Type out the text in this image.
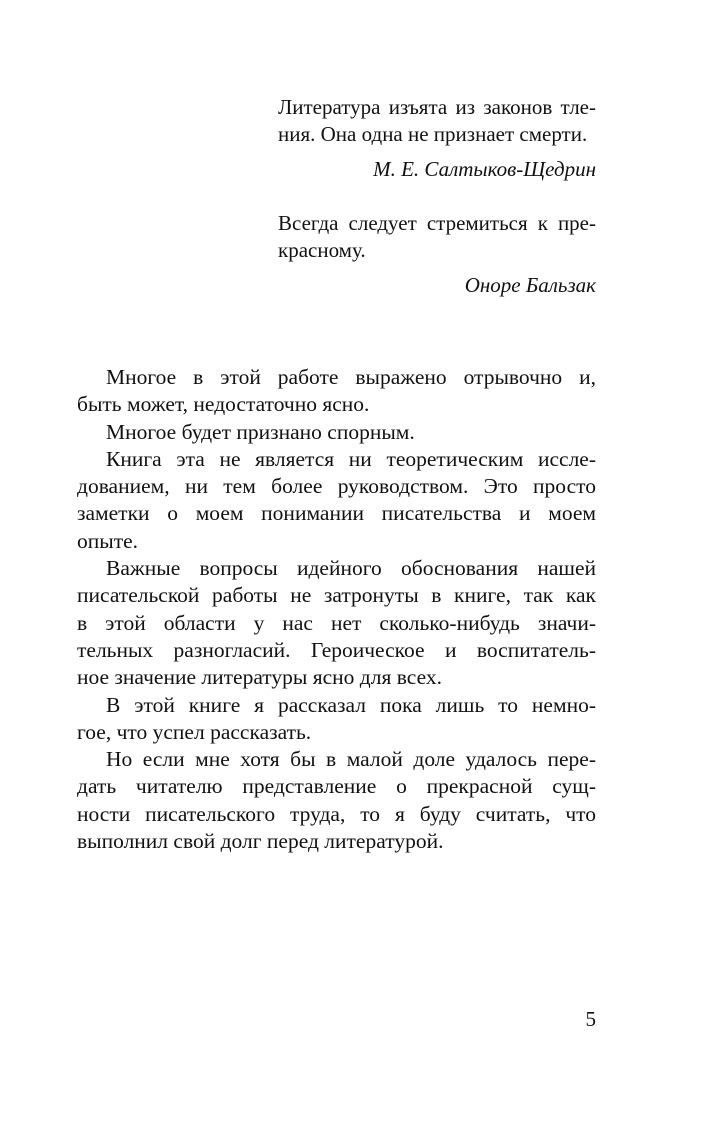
Литература изъята из законов тле-
ния. Она одна не признает смерти.
М. Е. Салтыков-Щедрин
Всегда следует стремиться к пре-
красному.
Оноре Бальзак
Многое в этой работе выражено отрывочно и,
быть может, недостаточно ясно.
Многое будет признано спорным.
Книга эта не является ни теоретическим иссле-
дованием, ни тем более руководством. Это просто
заметки о моем понимании писательства и моем
опыте.
Важные вопросы идейного обоснования нашей
писательской работы не затронуты в книге, так как
в этой области у нас нет сколько-нибудь значи-
тельных разногласий. Героическое и воспитатель-
ное значение литературы ясно для всех.
В этой книге я рассказал пока лишь то немно-
гое, что успел рассказать.
Но если мне хотя бы в малой доле удалось пере-
дать читателю представление о прекрасной сущ-
ности писательского труда, то я буду считать, что
выполнил свой долг перед литературой.
5
